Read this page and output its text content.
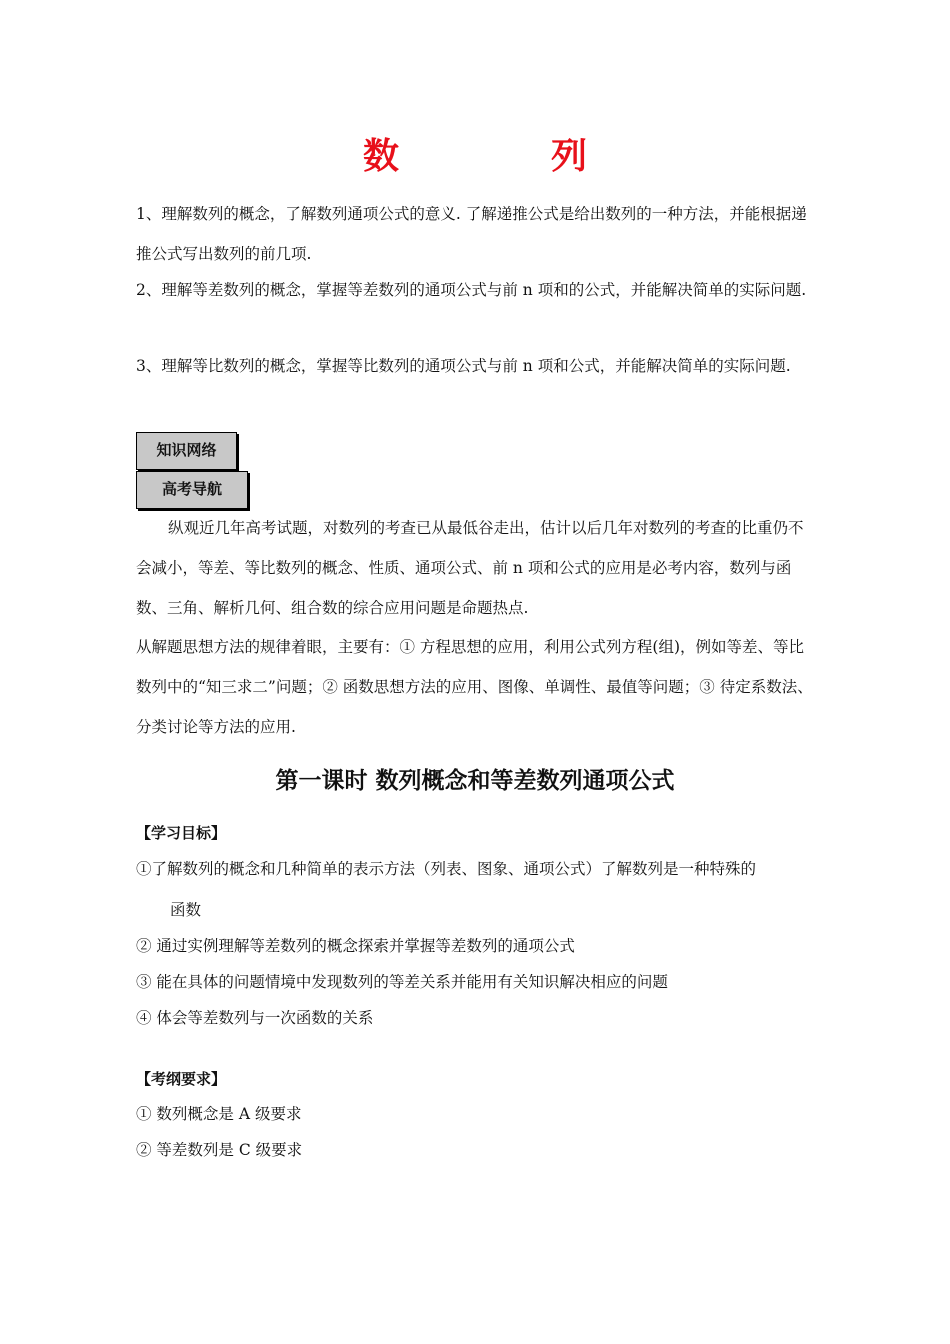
数　列

1、理解数列的概念，了解数列通项公式的意义. 了解递推公式是给出数列的一种方法，并能根据递推公式写出数列的前几项.

2、理解等差数列的概念，掌握等差数列的通项公式与前 n 项和的公式，并能解决简单的实际问题.

3、理解等比数列的概念，掌握等比数列的通项公式与前 n 项和公式，并能解决简单的实际问题.

知识网络
高考导航

纵观近几年高考试题，对数列的考查已从最低谷走出，估计以后几年对数列的考查的比重仍不会减小，等差、等比数列的概念、性质、通项公式、前 n 项和公式的应用是必考内容，数列与函数、三角、解析几何、组合数的综合应用问题是命题热点.

从解题思想方法的规律着眼，主要有：① 方程思想的应用，利用公式列方程(组)，例如等差、等比数列中的“知三求二”问题；② 函数思想方法的应用、图像、单调性、最值等问题；③ 待定系数法、分类讨论等方法的应用.

第一课时 数列概念和等差数列通项公式
【学习目标】
①了解数列的概念和几种简单的表示方法（列表、图象、通项公式）了解数列是一种特殊的
函数
② 通过实例理解等差数列的概念探索并掌握等差数列的通项公式
③ 能在具体的问题情境中发现数列的等差关系并能用有关知识解决相应的问题
④ 体会等差数列与一次函数的关系
【考纲要求】
① 数列概念是 A 级要求
② 等差数列是 C 级要求
